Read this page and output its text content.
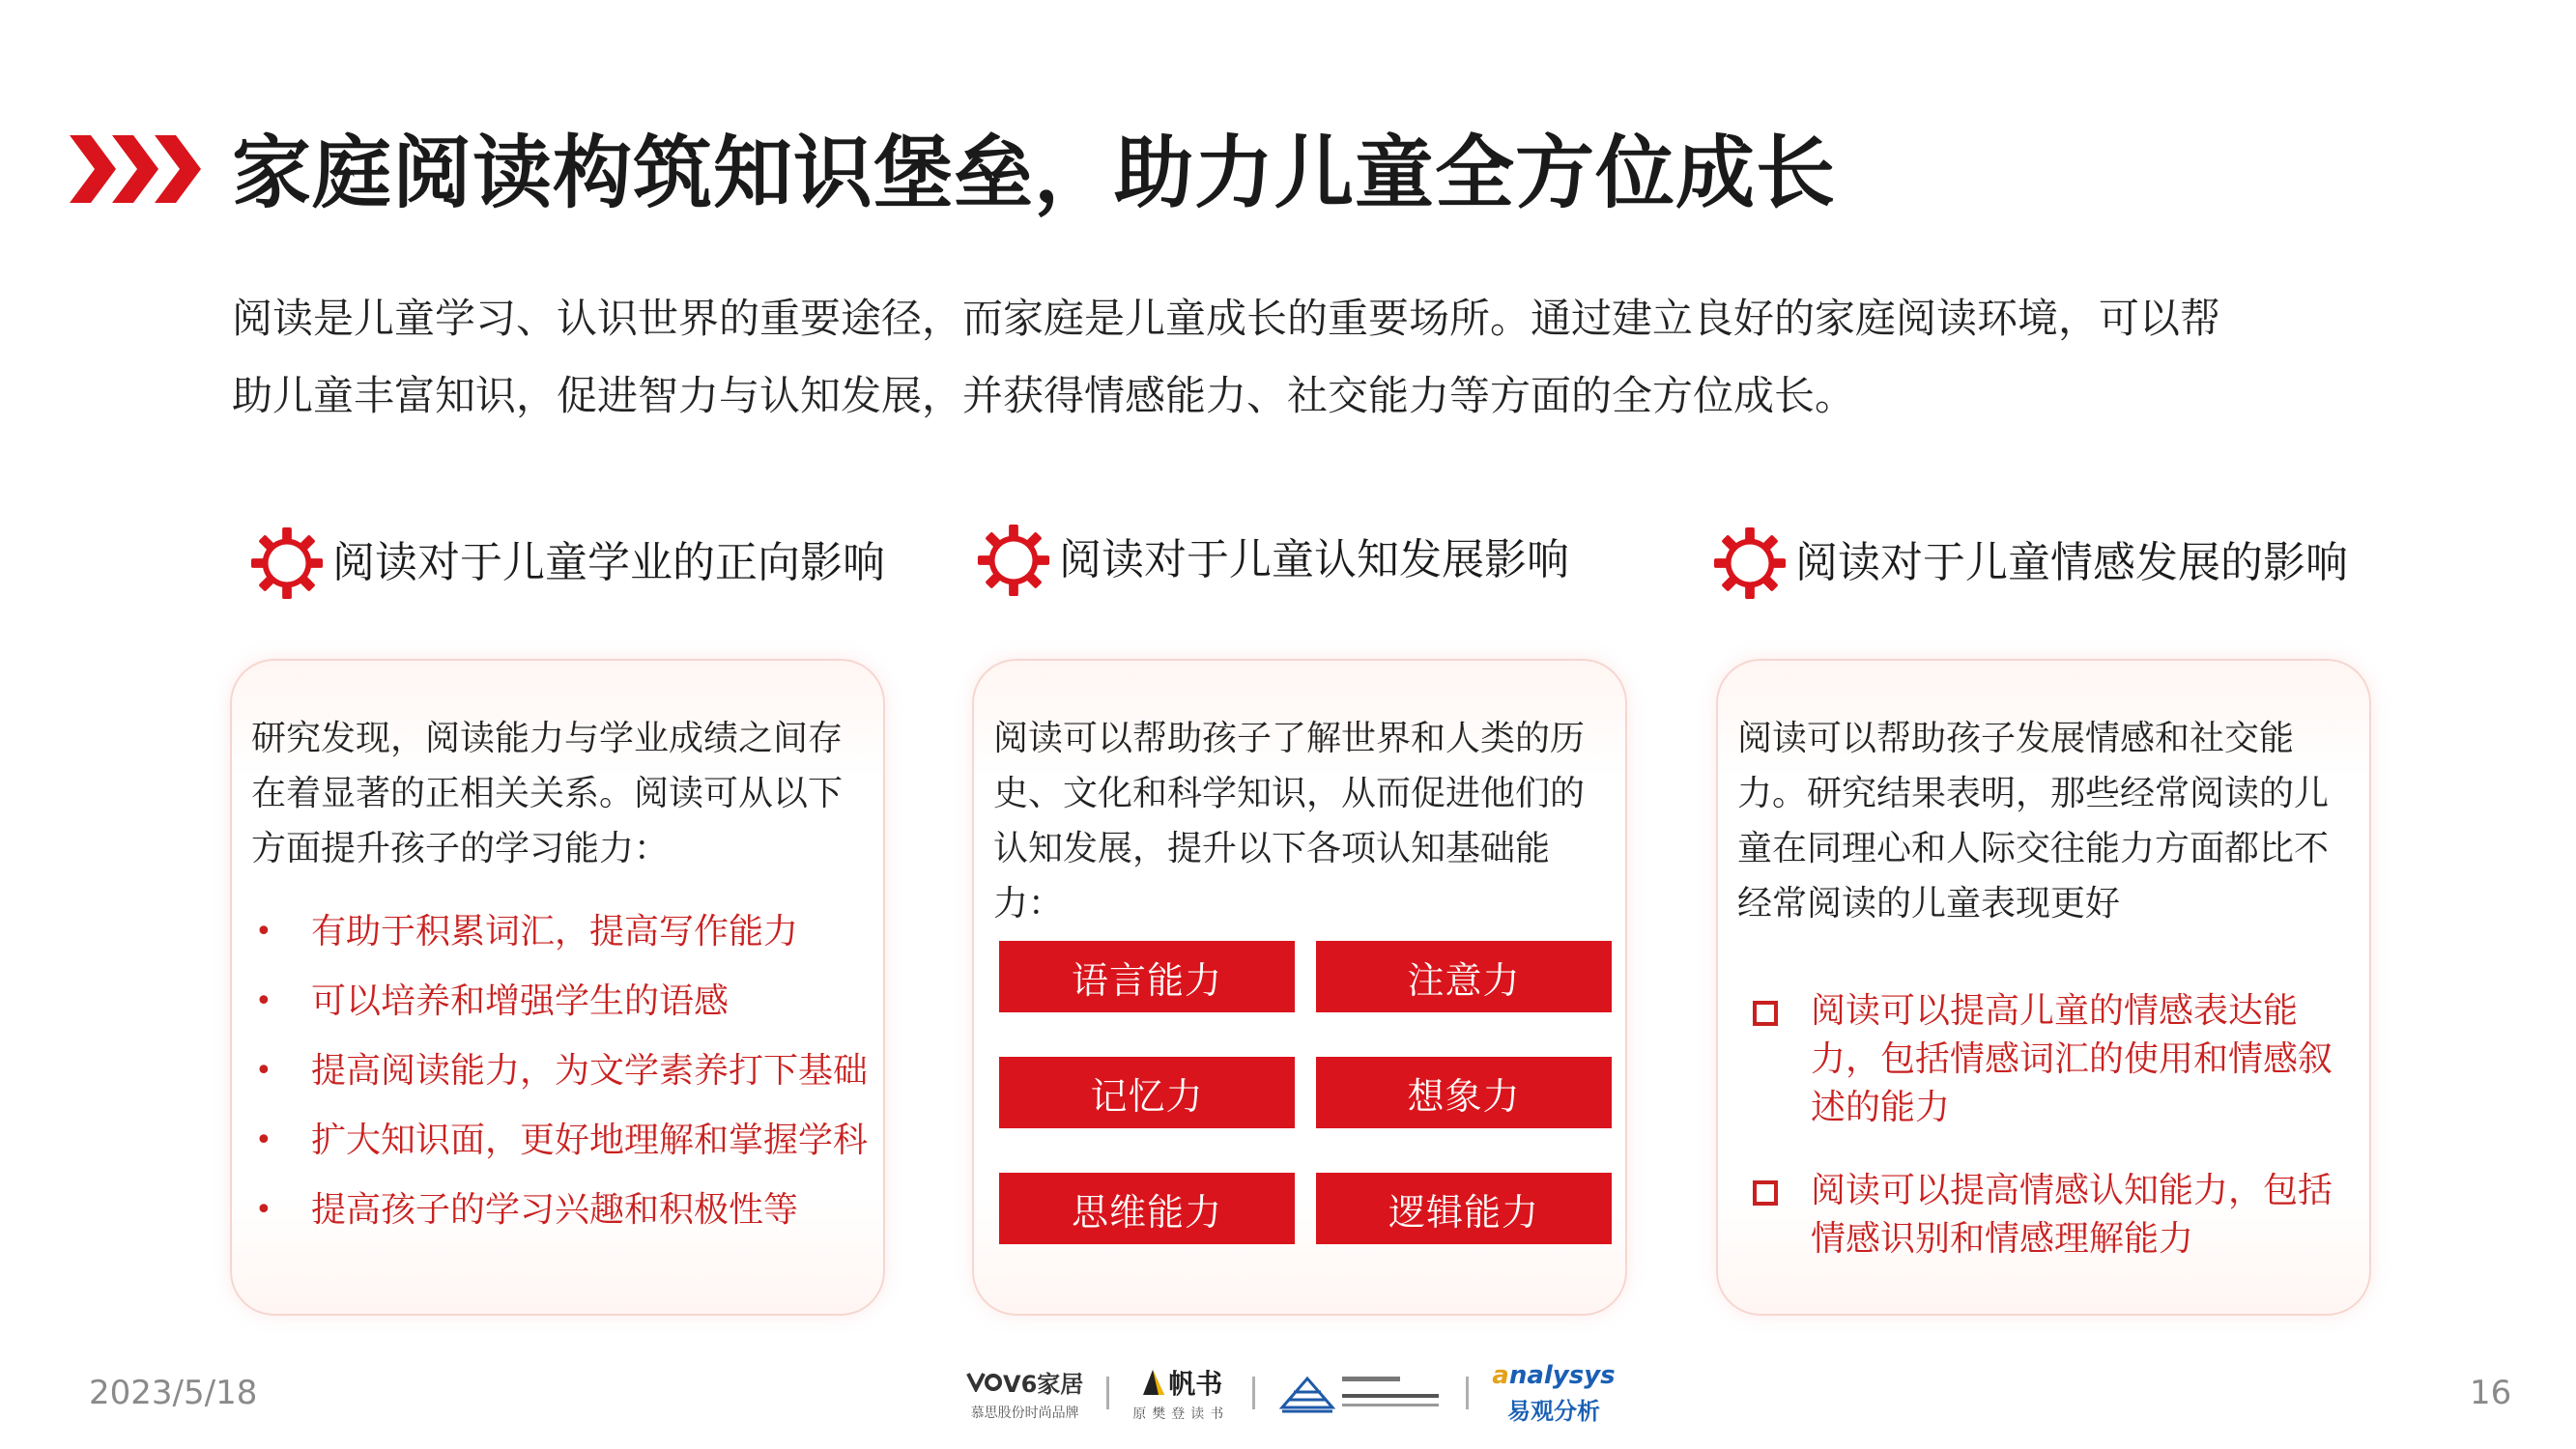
家庭阅读构筑知识堡垒，助力儿童全方位成长
阅读是儿童学习、认识世界的重要途径，而家庭是儿童成长的重要场所。通过建立良好的家庭阅读环境，可以帮
助儿童丰富知识，促进智力与认知发展，并获得情感能力、社交能力等方面的全方位成长。
阅读对于儿童学业的正向影响	阅读对于儿童认知发展影响	阅读对于儿童情感发展的影响
研究发现，阅读能力与学业成绩之间存在着显著的正相关关系。阅读可从以下方面提升孩子的学习能力：
• 有助于积累词汇，提高写作能力
• 可以培养和增强学生的语感
• 提高阅读能力，为文学素养打下基础
• 扩大知识面，更好地理解和掌握学科
• 提高孩子的学习兴趣和积极性等
阅读可以帮助孩子了解世界和人类的历史、文化和科学知识，从而促进他们的认知发展，提升以下各项认知基础能力：
语言能力	注意力
记忆力	想象力
思维能力	逻辑能力
阅读可以帮助孩子发展情感和社交能力。研究结果表明，那些经常阅读的儿童在同理心和人际交往能力方面都比不经常阅读的儿童表现更好
阅读可以提高儿童的情感表达能力，包括情感词汇的使用和情感叙述的能力
阅读可以提高情感认知能力，包括情感识别和情感理解能力
2023/5/18	16
V6家居
慕思股份时尚品牌
帆书
原樊登读书
analysys
易观分析
